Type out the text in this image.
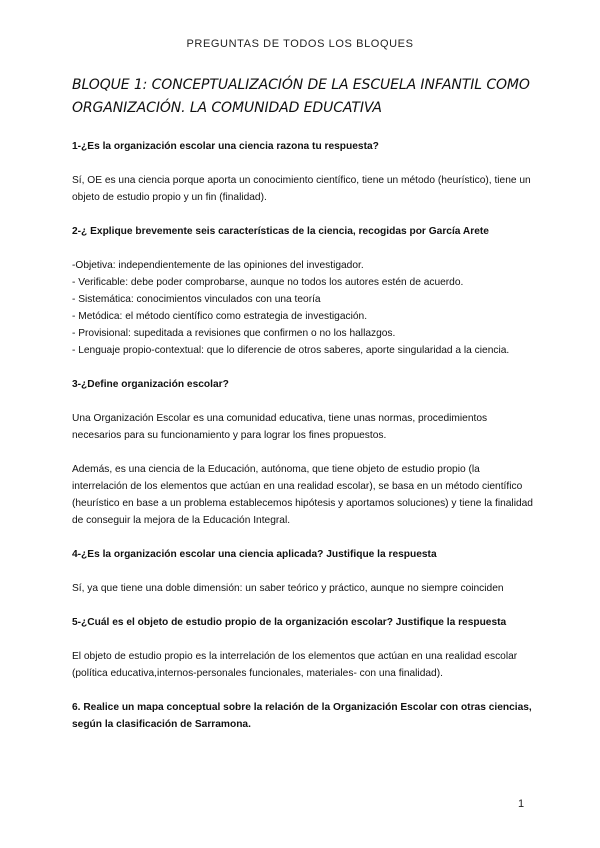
PREGUNTAS DE TODOS LOS BLOQUES
BLOQUE 1: CONCEPTUALIZACIÓN DE LA ESCUELA INFANTIL COMO ORGANIZACIÓN. LA COMUNIDAD EDUCATIVA

1-¿Es la organización escolar una ciencia razona tu respuesta?

Sí, OE es una ciencia porque aporta un conocimiento científico, tiene un método (heurístico), tiene un objeto de estudio propio y un fin (finalidad).

2-¿ Explique brevemente seis características de la ciencia, recogidas por García Arete

-Objetiva: independientemente de las opiniones del investigador.
- Verificable: debe poder comprobarse, aunque no todos los autores estén de acuerdo.
- Sistemática: conocimientos vinculados con una teoría
- Metódica: el método científico como estrategia de investigación.
- Provisional: supeditada a revisiones que confirmen o no los hallazgos.
- Lenguaje propio-contextual: que lo diferencie de otros saberes, aporte singularidad a la ciencia.

3-¿Define organización escolar?

Una Organización Escolar es una comunidad educativa, tiene unas normas, procedimientos necesarios para su funcionamiento y para lograr los fines propuestos.

Además, es una ciencia de la Educación, autónoma, que tiene objeto de estudio propio (la interrelación de los elementos que actúan en una realidad escolar), se basa en un método científico (heurístico en base a un problema establecemos hipótesis y aportamos soluciones) y tiene la finalidad de conseguir la mejora de la Educación Integral.

4-¿Es la organización escolar una ciencia aplicada? Justifique la respuesta

Sí, ya que tiene una doble dimensión: un saber teórico y práctico, aunque no siempre coinciden

5-¿Cuál es el objeto de estudio propio de la organización escolar? Justifique la respuesta

El objeto de estudio propio es la interrelación de los elementos que actúan en una realidad escolar (política educativa,internos-personales funcionales, materiales- con una finalidad).

6. Realice un mapa conceptual sobre la relación de la Organización Escolar con otras ciencias, según la clasificación de Sarramona.

1
